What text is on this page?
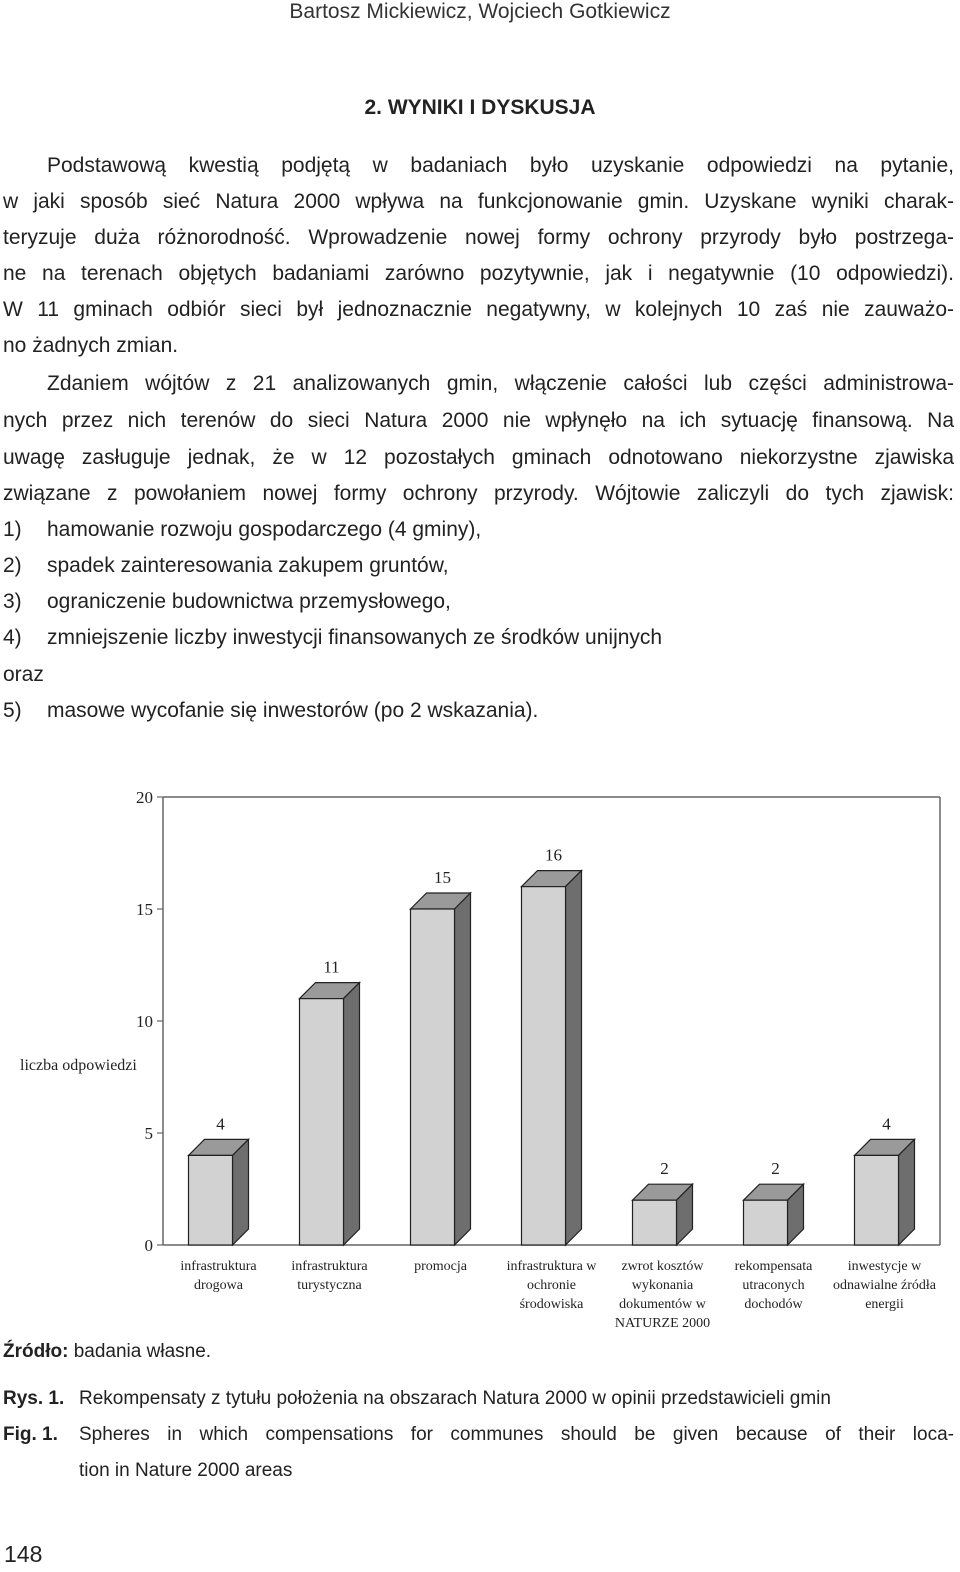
Bartosz Mickiewicz, Wojciech Gotkiewicz
2. WYNIKI I DYSKUSJA
Podstawową kwestią podjętą w badaniach było uzyskanie odpowiedzi na pytanie,
w jaki sposób sieć Natura 2000 wpływa na funkcjonowanie gmin. Uzyskane wyniki charak-
teryzuje duża różnorodność. Wprowadzenie nowej formy ochrony przyrody było postrzega-
ne na terenach objętych badaniami zarówno pozytywnie, jak i negatywnie (10 odpowiedzi).
W 11 gminach odbiór sieci był jednoznacznie negatywny, w kolejnych 10 zaś nie zauważo-
no żadnych zmian.
Zdaniem wójtów z 21 analizowanych gmin, włączenie całości lub części administrowa-
nych przez nich terenów do sieci Natura 2000 nie wpłynęło na ich sytuację finansową. Na
uwagę zasługuje jednak, że w 12 pozostałych gminach odnotowano niekorzystne zjawiska
związane z powołaniem nowej formy ochrony przyrody. Wójtowie zaliczyli do tych zjawisk:
1) hamowanie rozwoju gospodarczego (4 gminy),
2) spadek zainteresowania zakupem gruntów,
3) ograniczenie budownictwa przemysłowego,
4) zmniejszenie liczby inwestycji finansowanych ze środków unijnych
oraz
5) masowe wycofanie się inwestorów (po 2 wskazania).
0
5
10
15
20
4
11
15
16
2	2
4
infrastruktura
drogowa
infrastruktura
turystyczna
promocja	infrastruktura w
ochronie
środowiska
zwrot kosztów
wykonania
dokumentów w
NATURZE 2000
rekompensata
utraconych
dochodów
inwestycje w
odnawialne źródła
energii
liczba odpowiedzi
Źródło: badania własne.
Rys. 1. Rekompensaty z tytułu położenia na obszarach Natura 2000 w opinii przedstawicieli gmin
Fig. 1. Spheres in which compensations for communes should be given because of their loca-
tion in Nature 2000 areas
148
